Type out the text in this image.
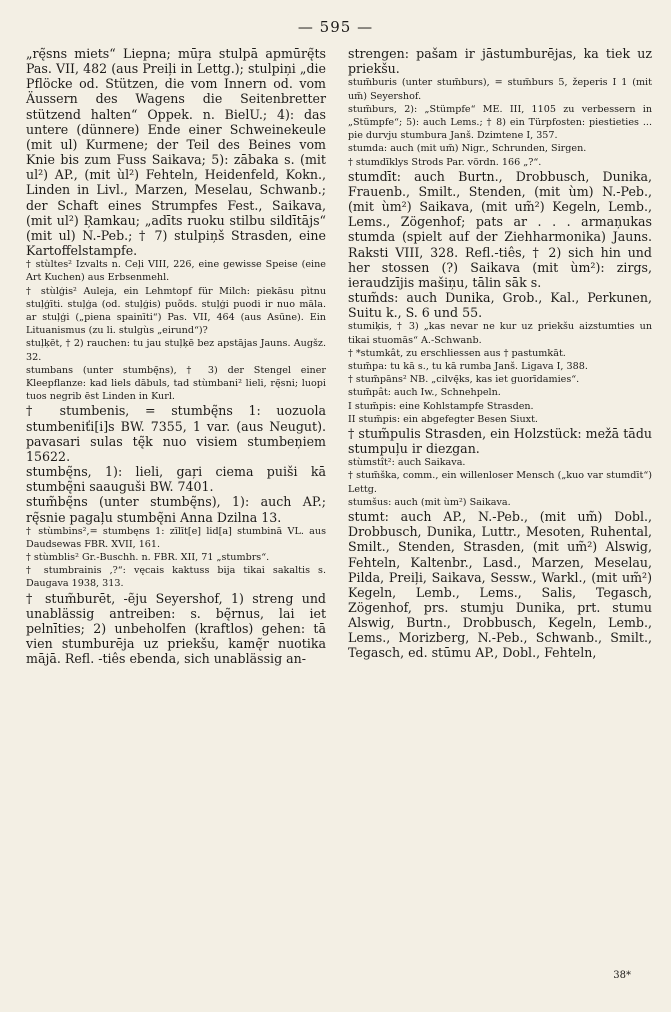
— 595 —

„rę̃sns miets“ Liepna; mūŗa stulpā apmūrę̃ts Pas. VII, 482 (aus Preiļi in Lettg.); stulpiņi „die Pflöcke od. Stützen, die vom Innern od. vom Äussern des Wagens die Seitenbretter stützend halten“ Oppek. n. BielU.; 4): das untere (dünnere) Ende einer Schweinekeule (mit ul) Kurmene; der Teil des Beines vom Knie bis zum Fuss Saikava; 5): zābaka s. (mit ul²) AP., (mit ùl²) Fehteln, Heidenfeld, Kokn., Linden in Livl., Marzen, Meselau, Schwanb.; der Schaft eines Strumpfes Fest., Saikava, (mit ul²) Ŗamkau; „adīts ruoku stilbu sildītājs“ (mit ul) N.-Peb.; † 7) stulpiņš Strasden, eine Kartoffelstampfe.

† stùltes² Izvalts n. Ceļi VIII, 226, eine gewisse Speise (eine Art Kuchen) aus Erbsenmehl.

† stùlģis² Auleja, ein Lehmtopf für Milch: piekāsu pìtnu stuļģīti. stuļģa (od. stuļģis) puõds. stuļģi puodi ir nuo māla. ar stuļģi („piena spainīti“) Pas. VII, 464 (aus Asūne). Ein Lituanismus (zu li. stulgùs „eirund“)?

stuļķēt, † 2) rauchen: tu jau stuļķē bez apstājas Jauns. Augšz. 32.

stumbans (unter stumbę̃ns), † 3) der Stengel einer Kleepflanze: kad liels dābuls, tad stùmbani² lieli, rę̃sni; luopi tuos negrib ēst Linden in Kurl.

† stumbenis, = stumbę̃ns 1: uozuola stumbeniťi[i]s BW. 7355, 1 var. (aus Neugut). pavasari sulas tę̃k nuo visiem stumbeņiem 15622.

stumbę̃ns, 1): lieli, gaŗi ciema puiši kā stumbę̃ni saauguši BW. 7401.

stum̃bę̃ns (unter stumbę̃ns), 1): auch AP.; rę̃snie pagaļu stumbę̃ni Anna Dzilna 13.

† stùmbins²,= stumbęns 1: zīlīt[e] lid[a] stumbinā VL. aus Daudsewas FBR. XVII, 161.

† stùmblis² Gr.-Buschh. n. FBR. XII, 71 „stumbrs“.

† stumbrainis ,?“: vęcais kaktuss bija tikai sakaltis s. Daugava 1938, 313.

† stum̃burēt, -ẽju Seyershof, 1) streng und unablässig antreiben: s. bę̃rnus, lai iet pelnīties; 2) unbeholfen (kraftlos) gehen: tā vien stumburēja uz priekšu, kamę̃r nuotika mājā. Refl. -tiês ebenda, sich unablässig an-

strengen: pašam ir jāstumburējas, ka tiek uz priekšu.

stum̃buris (unter stum̃burs), = stum̃burs 5, žeperis I 1 (mit um̃) Seyershof.

stum̃burs, 2): „Stümpfe“ ME. III, 1105 zu verbessern in „Stümpfe“; 5): auch Lems.; † 8) ein Türpfosten: piestieties ... pie durvju stumbura Janš. Dzimtene I, 357.

stumda: auch (mit um̃) Nigr., Schrunden, Sirgen.

† stumdīklys Strods Par. vördn. 166 „?“.

stumdīt: auch Burtn., Drobbusch, Dunika, Frauenb., Smilt., Stenden, (mit ùm) N.-Peb., (mit ùm²) Saikava, (mit um̃²) Kegeln, Lemb., Lems., Zögenhof; pats ar . . . armaņukas stumda (spielt auf der Ziehharmonika) Jauns. Raksti VIII, 328. Refl.-tiês, † 2) sich hin und her stossen (?) Saikava (mit ùm²): zirgs, ieraudzījis mašiņu, tālin sāk s.

stum̃ds: auch Dunika, Grob., Kal., Perkunen, Suitu k., S. 6 und 55.

stumiķis, † 3) „kas nevar ne kur uz priekšu aizstumties un tikai stuomās“ A.-Schwanb.

† *stumkât, zu erschliessen aus † pastumkāt.

stum̃pa: tu kā s., tu kā rumba Janš. Ligava I, 388.

† stum̃pāns² NB. „cilvę̃ks, kas iet guorīdamies“.

stum̃pât: auch Iw., Schnehpeln.

I stum̃pis: eine Kohlstampfe Strasden.

II stum̃pis: ein abgefegter Besen Siuxt.

† stum̃pulis Strasden, ein Holzstück: mežā tādu stumpuļu ir diezgan.

stùmstît²: auch Saikava.

† stum̃ška, comm., ein willenloser Mensch („kuo var stumdīt“) Lettg.

stumšus: auch (mit ùm²) Saikava.

stumt: auch AP., N.-Peb., (mit um̃) Dobl., Drobbusch, Dunika, Luttr., Mesoten, Ruhental, Smilt., Stenden, Strasden, (mit um̃²) Alswig, Fehteln, Kaltenbr., Lasd., Marzen, Meselau, Pilda, Preiļi, Saikava, Sessw., Warkl., (mit um̃²) Kegeln, Lemb., Lems., Salis, Tegasch, Zögenhof, prs. stumju Dunika, prt. stumu Alswig, Burtn., Drobbusch, Kegeln, Lemb., Lems., Morizberg, N.-Peb., Schwanb., Smilt., Tegasch, ed. stūmu AP., Dobl., Fehteln,

38*
